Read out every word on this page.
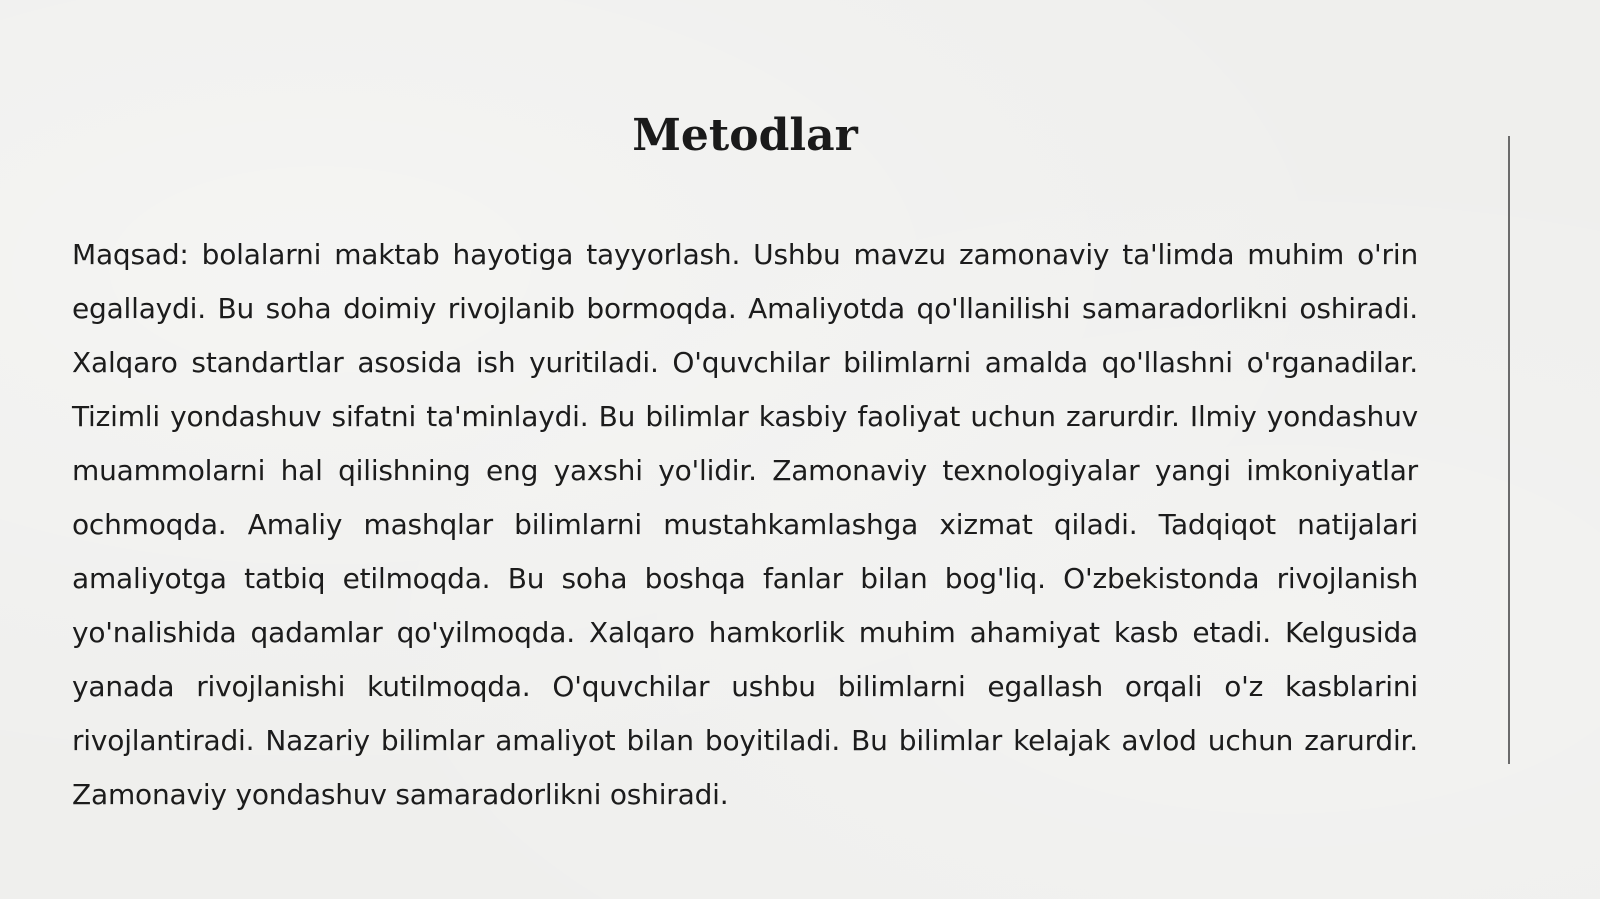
Metodlar

Maqsad: bolalarni maktab hayotiga tayyorlash. Ushbu mavzu zamonaviy ta'limda muhim o'rin egallaydi. Bu soha doimiy rivojlanib bormoqda. Amaliyotda qo'llanilishi samaradorlikni oshiradi. Xalqaro standartlar asosida ish yuritiladi. O'quvchilar bilimlarni amalda qo'llashni o'rganadilar. Tizimli yondashuv sifatni ta'minlaydi. Bu bilimlar kasbiy faoliyat uchun zarurdir. Ilmiy yondashuv muammolarni hal qilishning eng yaxshi yo'lidir. Zamonaviy texnologiyalar yangi imkoniyatlar ochmoqda. Amaliy mashqlar bilimlarni mustahkamlashga xizmat qiladi. Tadqiqot natijalari amaliyotga tatbiq etilmoqda. Bu soha boshqa fanlar bilan bog'liq. O'zbekistonda rivojlanish yo'nalishida qadamlar qo'yilmoqda. Xalqaro hamkorlik muhim ahamiyat kasb etadi. Kelgusida yanada rivojlanishi kutilmoqda. O'quvchilar ushbu bilimlarni egallash orqali o'z kasblarini rivojlantiradi. Nazariy bilimlar amaliyot bilan boyitiladi. Bu bilimlar kelajak avlod uchun zarurdir. Zamonaviy yondashuv samaradorlikni oshiradi.
